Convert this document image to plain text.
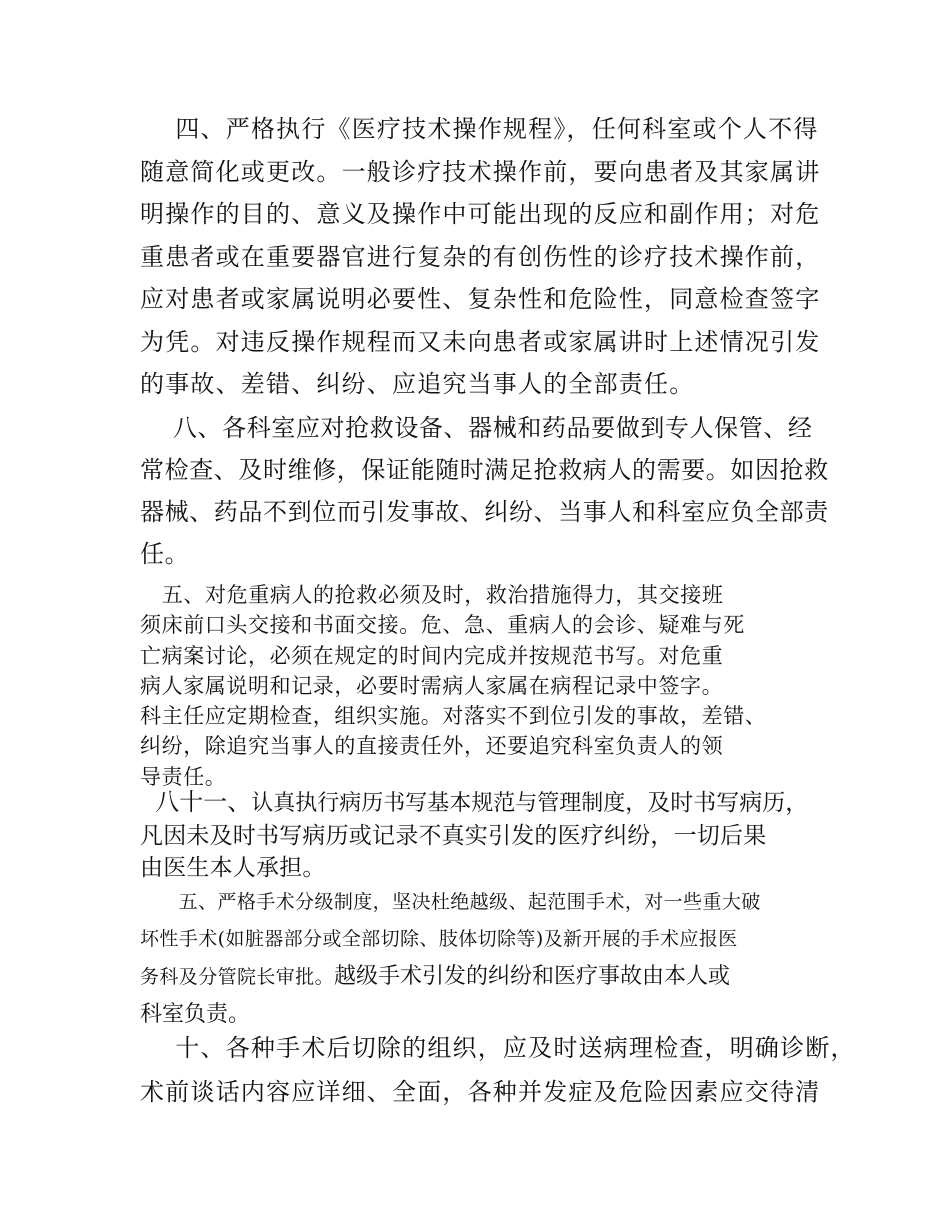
四、严格执行《医疗技术操作规程》，任何科室或个人不得
随意简化或更改。一般诊疗技术操作前，要向患者及其家属讲
明操作的目的、意义及操作中可能出现的反应和副作用；对危
重患者或在重要器官进行复杂的有创伤性的诊疗技术操作前，
应对患者或家属说明必要性、复杂性和危险性，同意检查签字
为凭。对违反操作规程而又未向患者或家属讲时上述情况引发
的事故、差错、纠纷、应追究当事人的全部责任。
八、各科室应对抢救设备、器械和药品要做到专人保管、经
常检查、及时维修，保证能随时满足抢救病人的需要。如因抢救
器械、药品不到位而引发事故、纠纷、当事人和科室应负全部责
任。
五、对危重病人的抢救必须及时，救治措施得力，其交接班
须床前口头交接和书面交接。危、急、重病人的会诊、疑难与死
亡病案讨论，必须在规定的时间内完成并按规范书写。对危重
病人家属说明和记录，必要时需病人家属在病程记录中签字。
科主任应定期检查，组织实施。对落实不到位引发的事故，差错、
纠纷，除追究当事人的直接责任外，还要追究科室负责人的领
导责任。
八十一、认真执行病历书写基本规范与管理制度，及时书写病历，
凡因未及时书写病历或记录不真实引发的医疗纠纷，一切后果
由医生本人承担。
五、严格手术分级制度，坚决杜绝越级、起范围手术，对一些重大破
坏性手术(如脏器部分或全部切除、肢体切除等)及新开展的手术应报医
务科及分管院长审批。越级手术引发的纠纷和医疗事故由本人或
科室负责。
十、各种手术后切除的组织，应及时送病理检查，明确诊断，
术前谈话内容应详细、全面，各种并发症及危险因素应交待清
